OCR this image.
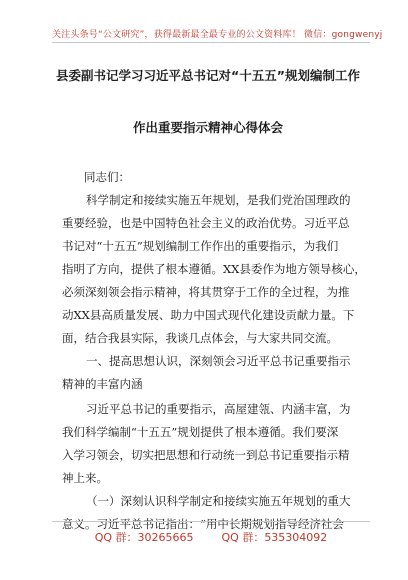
关注头条号“公文研究”，获得最新最全最专业的公文资料库！ 微信：gongwenyj
县委副书记学习习近平总书记对“十五五”规划编制工作
作出重要指示精神心得体会
同志们：
科学制定和接续实施五年规划，是我们党治国理政的
重要经验，也是中国特色社会主义的政治优势。习近平总
书记对“十五五”规划编制工作作出的重要指示，为我们
指明了方向，提供了根本遵循。XX县委作为地方领导核心，
必须深刻领会指示精神，将其贯穿于工作的全过程，为推
动XX县高质量发展、助力中国式现代化建设贡献力量。下
面，结合我县实际，我谈几点体会，与大家共同交流。
一、提高思想认识，深刻领会习近平总书记重要指示
精神的丰富内涵
习近平总书记的重要指示，高屋建瓴、内涵丰富，为
我们科学编制“十五五”规划提供了根本遵循。我们要深
入学习领会，切实把思想和行动统一到总书记重要指示精
神上来。
（一）深刻认识科学制定和接续实施五年规划的重大
意义。习近平总书记指出：“用中长期规划指导经济社会
QQ 群：30265665	QQ 群：535304092
